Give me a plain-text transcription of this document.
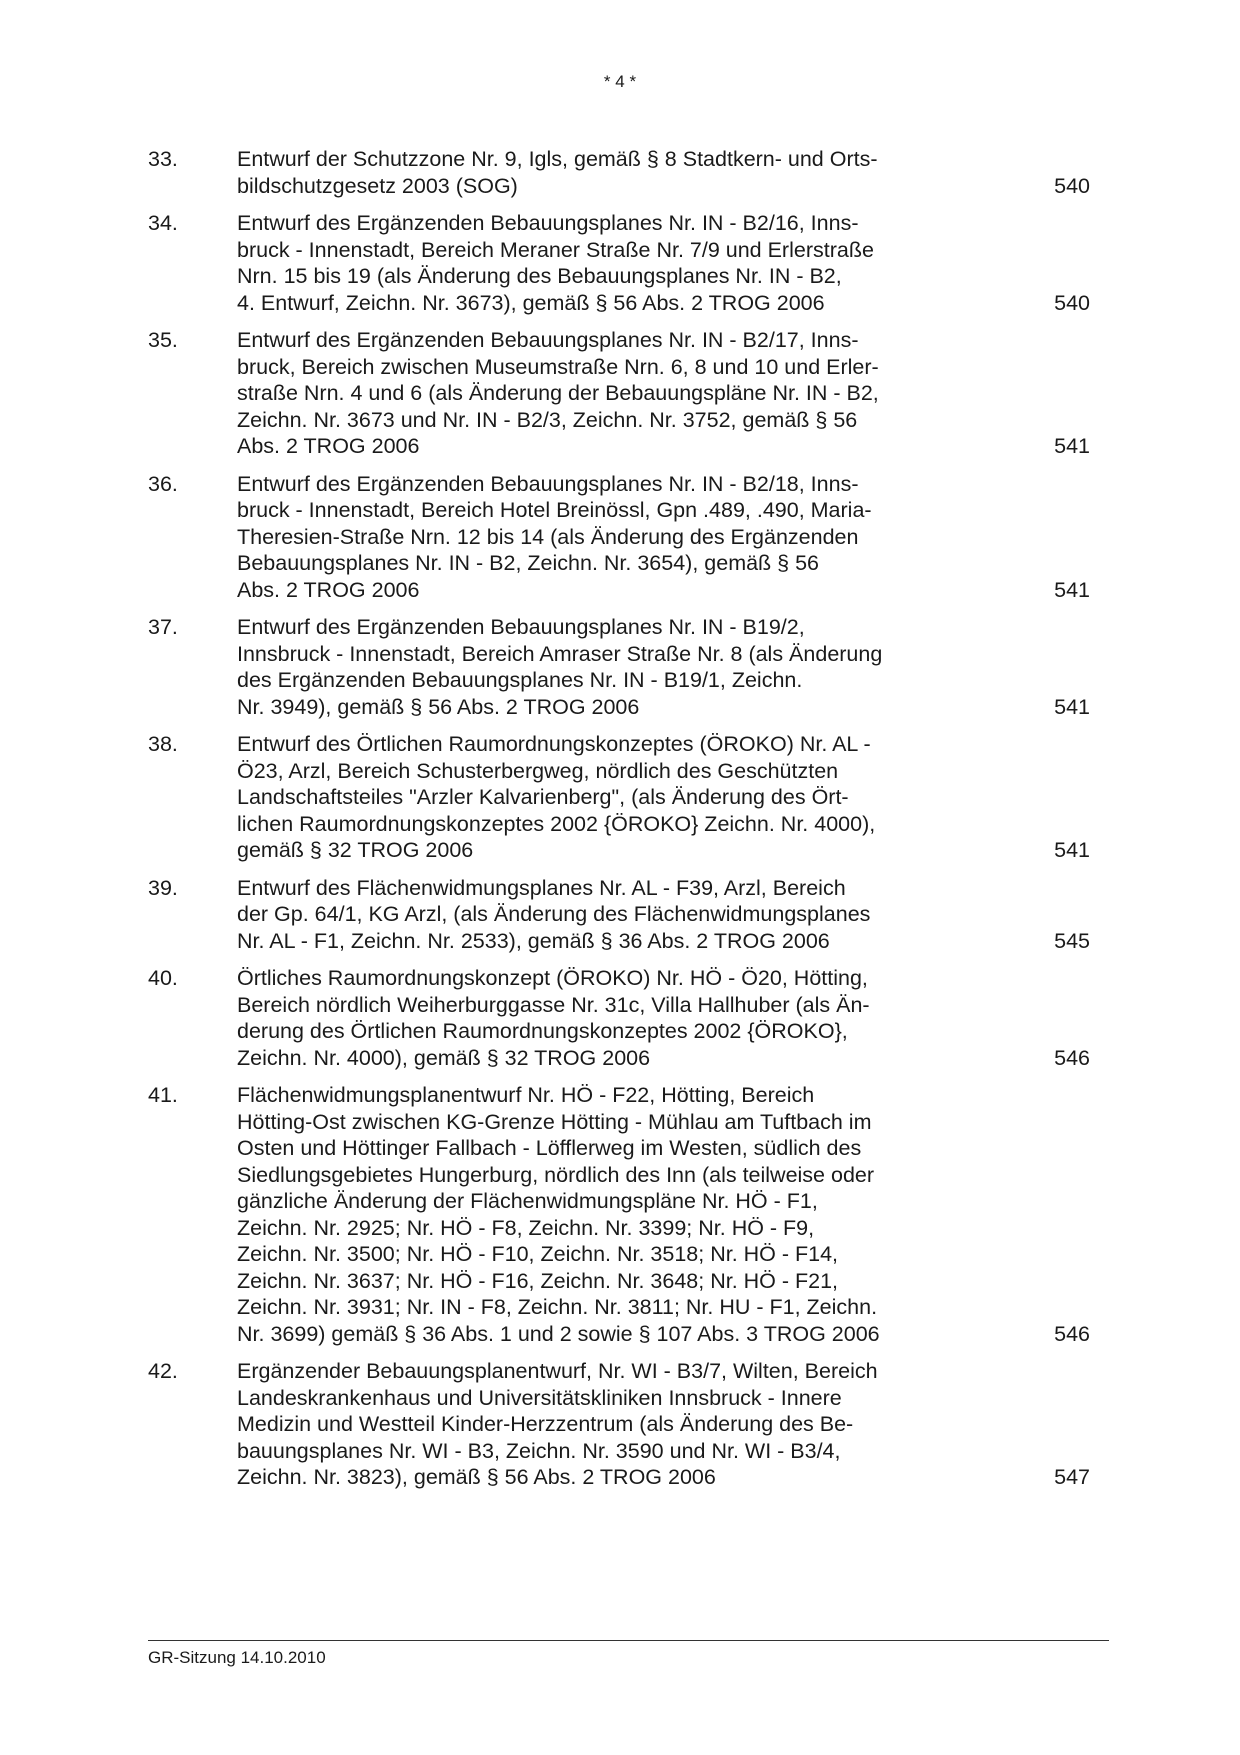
* 4 *
33.	Entwurf der Schutzzone Nr. 9, Igls, gemäß § 8 Stadtkern- und Orts-
bildschutzgesetz 2003 (SOG)	540
34.	Entwurf des Ergänzenden Bebauungsplanes Nr. IN - B2/16, Inns-
bruck - Innenstadt, Bereich Meraner Straße Nr. 7/9 und Erlerstraße
Nrn. 15 bis 19 (als Änderung des Bebauungsplanes Nr. IN - B2,
4. Entwurf, Zeichn. Nr. 3673), gemäß § 56 Abs. 2 TROG 2006	540
35.	Entwurf des Ergänzenden Bebauungsplanes Nr. IN - B2/17, Inns-
bruck, Bereich zwischen Museumstraße Nrn. 6, 8 und 10 und Erler-
straße Nrn. 4 und 6 (als Änderung der Bebauungspläne Nr. IN - B2,
Zeichn. Nr. 3673 und Nr. IN - B2/3, Zeichn. Nr. 3752, gemäß § 56
Abs. 2 TROG 2006	541
36.	Entwurf des Ergänzenden Bebauungsplanes Nr. IN - B2/18, Inns-
bruck - Innenstadt, Bereich Hotel Breinössl, Gpn .489, .490, Maria-
Theresien-Straße Nrn. 12 bis 14 (als Änderung des Ergänzenden
Bebauungsplanes Nr. IN - B2, Zeichn. Nr. 3654), gemäß § 56
Abs. 2 TROG 2006	541
37.	Entwurf des Ergänzenden Bebauungsplanes Nr. IN - B19/2,
Innsbruck - Innenstadt, Bereich Amraser Straße Nr. 8 (als Änderung
des Ergänzenden Bebauungsplanes Nr. IN - B19/1, Zeichn.
Nr. 3949), gemäß § 56 Abs. 2 TROG 2006	541
38.	Entwurf des Örtlichen Raumordnungskonzeptes (ÖROKO) Nr. AL -
Ö23, Arzl, Bereich Schusterbergweg, nördlich des Geschützten
Landschaftsteiles "Arzler Kalvarienberg", (als Änderung des Ört-
lichen Raumordnungskonzeptes 2002 {ÖROKO} Zeichn. Nr. 4000),
gemäß § 32 TROG 2006	541
39.	Entwurf des Flächenwidmungsplanes Nr. AL - F39, Arzl, Bereich
der Gp. 64/1, KG Arzl, (als Änderung des Flächenwidmungsplanes
Nr. AL - F1, Zeichn. Nr. 2533), gemäß § 36 Abs. 2 TROG 2006	545
40.	Örtliches Raumordnungskonzept (ÖROKO) Nr. HÖ - Ö20, Hötting,
Bereich nördlich Weiherburggasse Nr. 31c, Villa Hallhuber (als Än-
derung des Örtlichen Raumordnungskonzeptes 2002 {ÖROKO},
Zeichn. Nr. 4000), gemäß § 32 TROG 2006	546
41.	Flächenwidmungsplanentwurf Nr. HÖ - F22, Hötting, Bereich
Hötting-Ost zwischen KG-Grenze Hötting - Mühlau am Tuftbach im
Osten und Höttinger Fallbach - Löfflerweg im Westen, südlich des
Siedlungsgebietes Hungerburg, nördlich des Inn (als teilweise oder
gänzliche Änderung der Flächenwidmungspläne Nr. HÖ - F1,
Zeichn. Nr. 2925; Nr. HÖ - F8, Zeichn. Nr. 3399; Nr. HÖ - F9,
Zeichn. Nr. 3500; Nr. HÖ - F10, Zeichn. Nr. 3518; Nr. HÖ - F14,
Zeichn. Nr. 3637; Nr. HÖ - F16, Zeichn. Nr. 3648; Nr. HÖ - F21,
Zeichn. Nr. 3931; Nr. IN - F8, Zeichn. Nr. 3811; Nr. HU - F1, Zeichn.
Nr. 3699) gemäß § 36 Abs. 1 und 2 sowie § 107 Abs. 3 TROG 2006	546
42.	Ergänzender Bebauungsplanentwurf, Nr. WI - B3/7, Wilten, Bereich
Landeskrankenhaus und Universitätskliniken Innsbruck - Innere
Medizin und Westteil Kinder-Herzzentrum (als Änderung des Be-
bauungsplanes Nr. WI - B3, Zeichn. Nr. 3590 und Nr. WI - B3/4,
Zeichn. Nr. 3823), gemäß § 56 Abs. 2 TROG 2006	547
GR-Sitzung 14.10.2010
